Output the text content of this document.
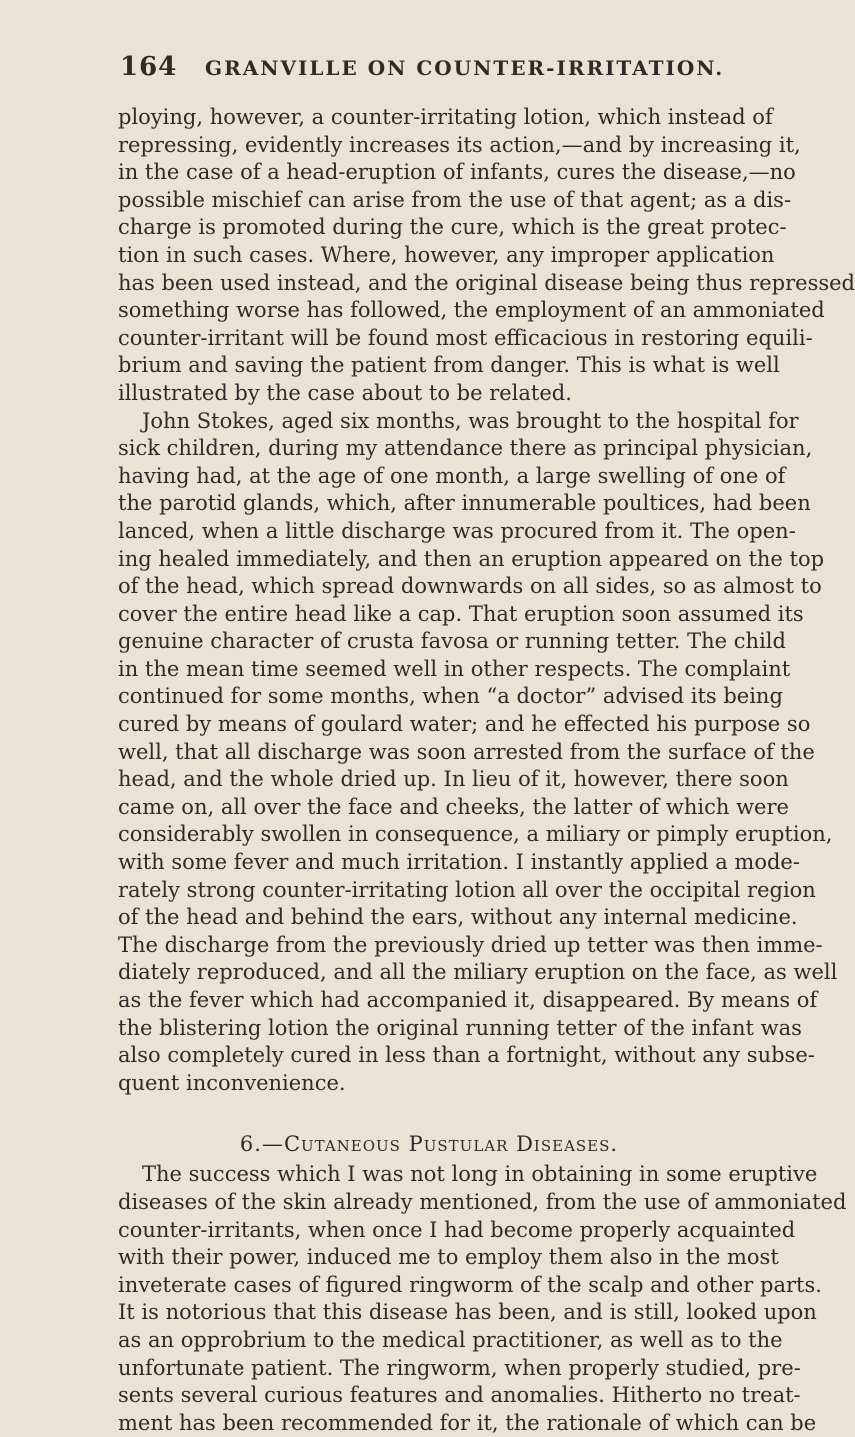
164 GRANVILLE ON COUNTER-IRRITATION.
ploying, however, a counter-irritating lotion, which instead of
repressing, evidently increases its action,—and by increasing it,
in the case of a head-eruption of infants, cures the disease,—no
possible mischief can arise from the use of that agent; as a dis-
charge is promoted during the cure, which is the great protec-
tion in such cases. Where, however, any improper application
has been used instead, and the original disease being thus repressed
something worse has followed, the employment of an ammoniated
counter-irritant will be found most efficacious in restoring equili-
brium and saving the patient from danger. This is what is well
illustrated by the case about to be related.
John Stokes, aged six months, was brought to the hospital for
sick children, during my attendance there as principal physician,
having had, at the age of one month, a large swelling of one of
the parotid glands, which, after innumerable poultices, had been
lanced, when a little discharge was procured from it. The open-
ing healed immediately, and then an eruption appeared on the top
of the head, which spread downwards on all sides, so as almost to
cover the entire head like a cap. That eruption soon assumed its
genuine character of crusta favosa or running tetter. The child
in the mean time seemed well in other respects. The complaint
continued for some months, when “a doctor” advised its being
cured by means of goulard water; and he effected his purpose so
well, that all discharge was soon arrested from the surface of the
head, and the whole dried up. In lieu of it, however, there soon
came on, all over the face and cheeks, the latter of which were
considerably swollen in consequence, a miliary or pimply eruption,
with some fever and much irritation. I instantly applied a mode-
rately strong counter-irritating lotion all over the occipital region
of the head and behind the ears, without any internal medicine.
The discharge from the previously dried up tetter was then imme-
diately reproduced, and all the miliary eruption on the face, as well
as the fever which had accompanied it, disappeared. By means of
the blistering lotion the original running tetter of the infant was
also completely cured in less than a fortnight, without any subse-
quent inconvenience.
6.—Cutaneous Pustular Diseases.
The success which I was not long in obtaining in some eruptive
diseases of the skin already mentioned, from the use of ammoniated
counter-irritants, when once I had become properly acquainted
with their power, induced me to employ them also in the most
inveterate cases of figured ringworm of the scalp and other parts.
It is notorious that this disease has been, and is still, looked upon
as an opprobrium to the medical practitioner, as well as to the
unfortunate patient. The ringworm, when properly studied, pre-
sents several curious features and anomalies. Hitherto no treat-
ment has been recommended for it, the rationale of which can be
